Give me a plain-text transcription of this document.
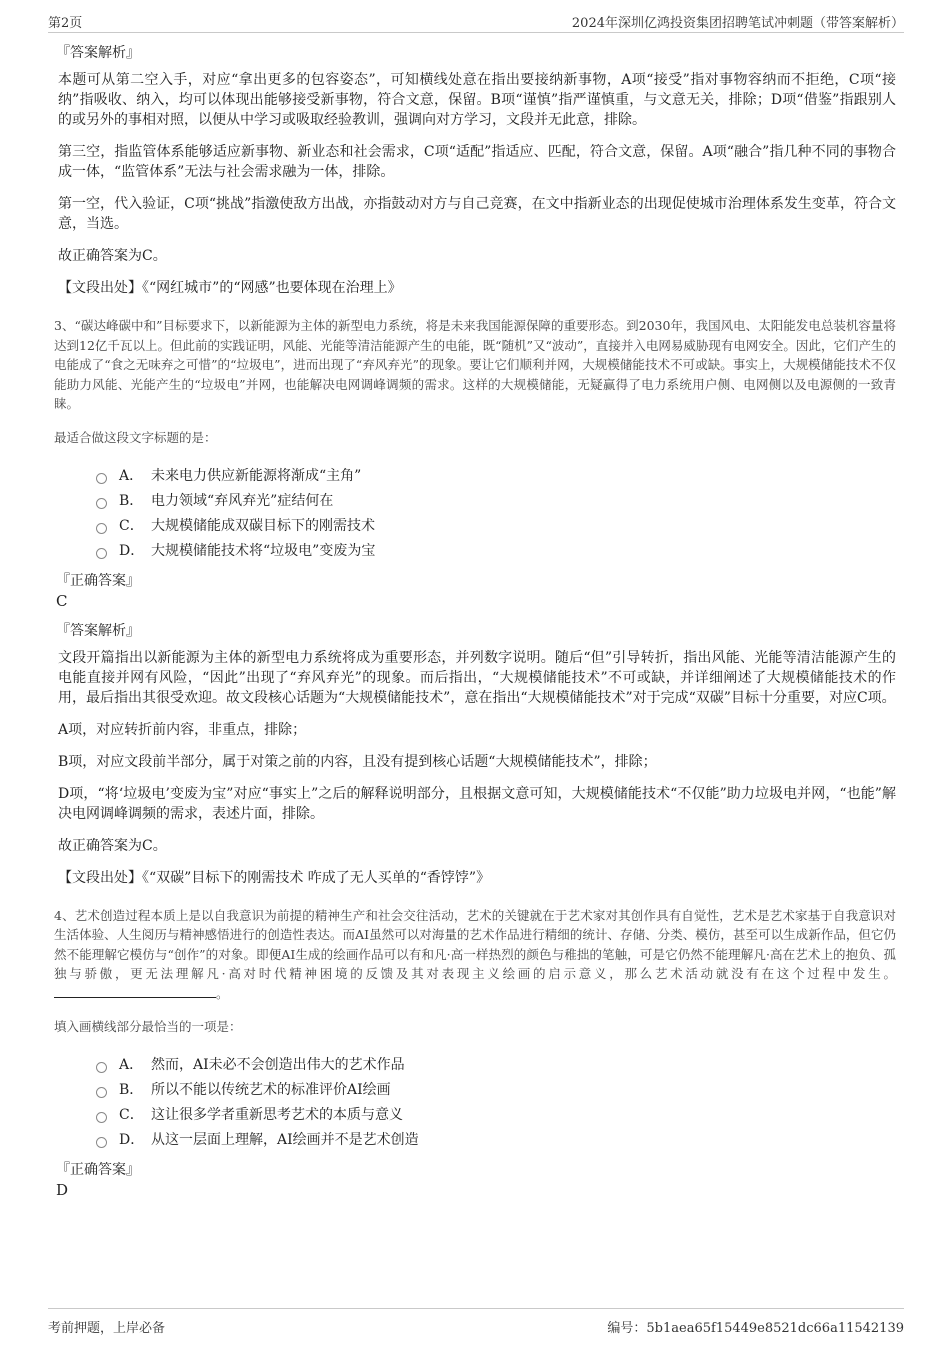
第2页	2024年深圳亿鸿投资集团招聘笔试冲刺题（带答案解析）
『答案解析』

本题可从第二空入手，对应“拿出更多的包容姿态”，可知横线处意在指出要接纳新事物，A项“接受”指对事物容纳而不拒绝，C项“接纳”指吸收、纳入，均可以体现出能够接受新事物，符合文意，保留。B项“谨慎”指严谨慎重，与文意无关，排除；D项“借鉴”指跟别人的或另外的事相对照，以便从中学习或吸取经验教训，强调向对方学习，文段并无此意，排除。

第三空，指监管体系能够适应新事物、新业态和社会需求，C项“适配”指适应、匹配，符合文意，保留。A项“融合”指几种不同的事物合成一体，“监管体系”无法与社会需求融为一体，排除。

第一空，代入验证，C项“挑战”指激使敌方出战，亦指鼓动对方与自己竞赛，在文中指新业态的出现促使城市治理体系发生变革，符合文意，当选。

故正确答案为C。

【文段出处】《“网红城市”的“网感”也要体现在治理上》

3、“碳达峰碳中和”目标要求下，以新能源为主体的新型电力系统，将是未来我国能源保障的重要形态。到2030年，我国风电、太阳能发电总装机容量将达到12亿千瓦以上。但此前的实践证明，风能、光能等清洁能源产生的电能，既“随机”又“波动”，直接并入电网易威胁现有电网安全。因此，它们产生的电能成了“食之无味弃之可惜”的“垃圾电”，进而出现了“弃风弃光”的现象。要让它们顺利并网，大规模储能技术不可或缺。事实上，大规模储能技术不仅能助力风能、光能产生的“垃圾电”并网，也能解决电网调峰调频的需求。这样的大规模储能，无疑赢得了电力系统用户侧、电网侧以及电源侧的一致青睐。

最适合做这段文字标题的是：

A． 未来电力供应新能源将渐成“主角”
B． 电力领域“弃风弃光”症结何在
C． 大规模储能成双碳目标下的刚需技术
D． 大规模储能技术将“垃圾电”变废为宝
『正确答案』
C
『答案解析』

文段开篇指出以新能源为主体的新型电力系统将成为重要形态，并列数字说明。随后“但”引导转折，指出风能、光能等清洁能源产生的电能直接并网有风险，“因此”出现了“弃风弃光”的现象。而后指出，“大规模储能技术”不可或缺，并详细阐述了大规模储能技术的作用，最后指出其很受欢迎。故文段核心话题为“大规模储能技术”，意在指出“大规模储能技术”对于完成“双碳”目标十分重要，对应C项。

A项，对应转折前内容，非重点，排除；

B项，对应文段前半部分，属于对策之前的内容，且没有提到核心话题“大规模储能技术”，排除；

D项，“将‘垃圾电’变废为宝”对应“事实上”之后的解释说明部分，且根据文意可知，大规模储能技术“不仅能”助力垃圾电并网，“也能”解决电网调峰调频的需求，表述片面，排除。

故正确答案为C。

【文段出处】《“双碳”目标下的刚需技术 咋成了无人买单的“香饽饽”》

4、艺术创造过程本质上是以自我意识为前提的精神生产和社会交往活动，艺术的关键就在于艺术家对其创作具有自觉性，艺术是艺术家基于自我意识对生活体验、人生阅历与精神感悟进行的创造性表达。而AI虽然可以对海量的艺术作品进行精细的统计、存储、分类、模仿，甚至可以生成新作品，但它仍然不能理解它模仿与“创作”的对象。即便AI生成的绘画作品可以有和凡·高一样热烈的颜色与稚拙的笔触，可是它仍然不能理解凡·高在艺术上的抱负、孤独与骄傲，更无法理解凡·高对时代精神困境的反馈及其对表现主义绘画的启示意义，那么艺术活动就没有在这个过程中发生。 。

填入画横线部分最恰当的一项是：

A． 然而，AI未必不会创造出伟大的艺术作品
B． 所以不能以传统艺术的标准评价AI绘画
C． 这让很多学者重新思考艺术的本质与意义
D． 从这一层面上理解，AI绘画并不是艺术创造
『正确答案』
D
考前押题，上岸必备	编号：5b1aea65f15449e8521dc66a11542139
